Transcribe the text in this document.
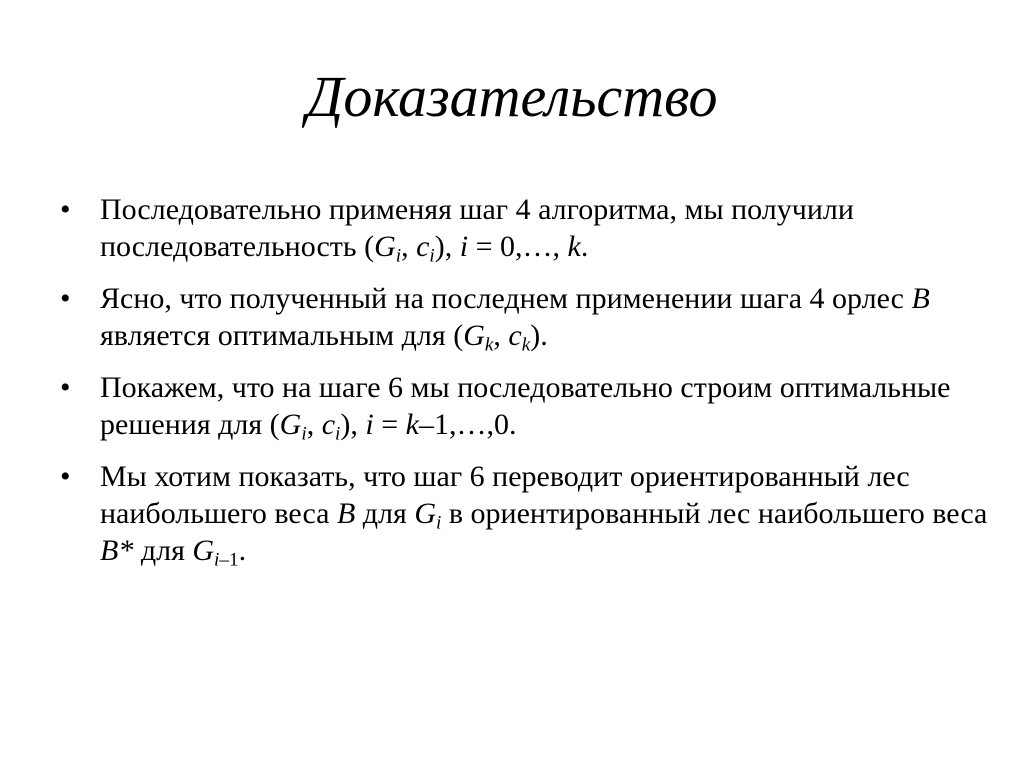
Доказательство
• Последовательно применяя шаг 4 алгоритма, мы получили последовательность ($G_i$, $c_i$), i = 0,…, k.
• Ясно, что полученный на последнем применении шага 4 орлес B является оптимальным для ($G_k$, $c_k$).
• Покажем, что на шаге 6 мы последовательно строим оптимальные решения для ($G_i$, $c_i$), i = k–1,…,0.
• Мы хотим показать, что шаг 6 переводит ориентированный лес наибольшего веса B для $G_i$ в ориентированный лес наибольшего веса B* для $G_{i-1}$.
